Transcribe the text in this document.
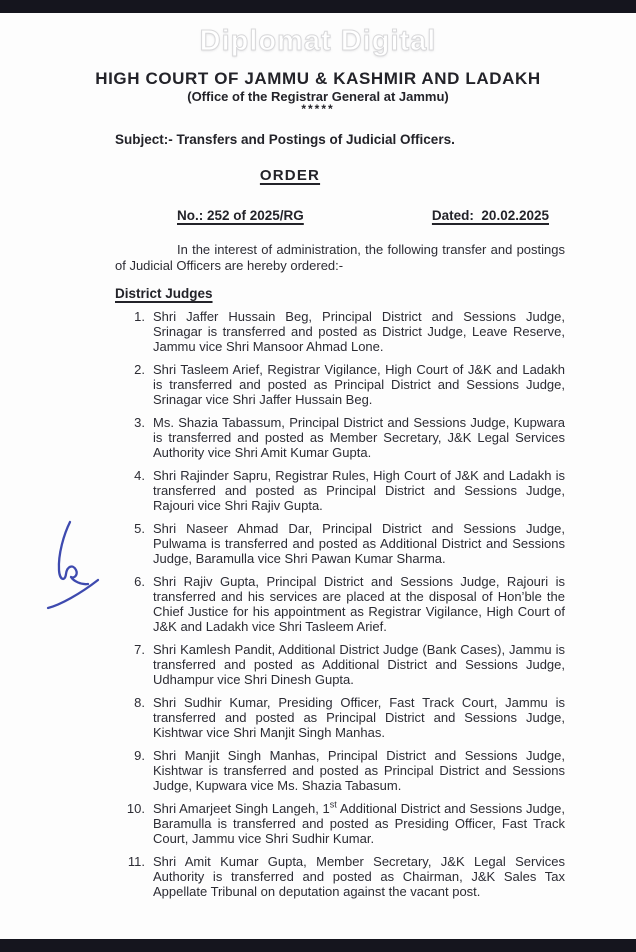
Diplomat Digital
HIGH COURT OF JAMMU & KASHMIR AND LADAKH
(Office of the Registrar General at Jammu)
*****
Subject:- Transfers and Postings of Judicial Officers.
ORDER
No.: 252 of 2025/RG	Dated:  20.02.2025

In the interest of administration, the following transfer and postings of Judicial Officers are hereby ordered:-

District Judges
1. Shri Jaffer Hussain Beg, Principal District and Sessions Judge, Srinagar is transferred and posted as District Judge, Leave Reserve, Jammu vice Shri Mansoor Ahmad Lone.
2. Shri Tasleem Arief, Registrar Vigilance, High Court of J&K and Ladakh is transferred and posted as Principal District and Sessions Judge, Srinagar vice Shri Jaffer Hussain Beg.
3. Ms. Shazia Tabassum, Principal District and Sessions Judge, Kupwara is transferred and posted as Member Secretary, J&K Legal Services Authority vice Shri Amit Kumar Gupta.
4. Shri Rajinder Sapru, Registrar Rules, High Court of J&K and Ladakh is transferred and posted as Principal District and Sessions Judge, Rajouri vice Shri Rajiv Gupta.
5. Shri Naseer Ahmad Dar, Principal District and Sessions Judge, Pulwama is transferred and posted as Additional District and Sessions Judge, Baramulla vice Shri Pawan Kumar Sharma.
6. Shri Rajiv Gupta, Principal District and Sessions Judge, Rajouri is transferred and his services are placed at the disposal of Hon’ble the Chief Justice for his appointment as Registrar Vigilance, High Court of J&K and Ladakh vice Shri Tasleem Arief.
7. Shri Kamlesh Pandit, Additional District Judge (Bank Cases), Jammu is transferred and posted as Additional District and Sessions Judge, Udhampur vice Shri Dinesh Gupta.
8. Shri Sudhir Kumar, Presiding Officer, Fast Track Court, Jammu is transferred and posted as Principal District and Sessions Judge, Kishtwar vice Shri Manjit Singh Manhas.
9. Shri Manjit Singh Manhas, Principal District and Sessions Judge, Kishtwar is transferred and posted as Principal District and Sessions Judge, Kupwara vice Ms. Shazia Tabasum.
10. Shri Amarjeet Singh Langeh, 1st Additional District and Sessions Judge, Baramulla is transferred and posted as Presiding Officer, Fast Track Court, Jammu vice Shri Sudhir Kumar.
11. Shri Amit Kumar Gupta, Member Secretary, J&K Legal Services Authority is transferred and posted as Chairman, J&K Sales Tax Appellate Tribunal on deputation against the vacant post.
